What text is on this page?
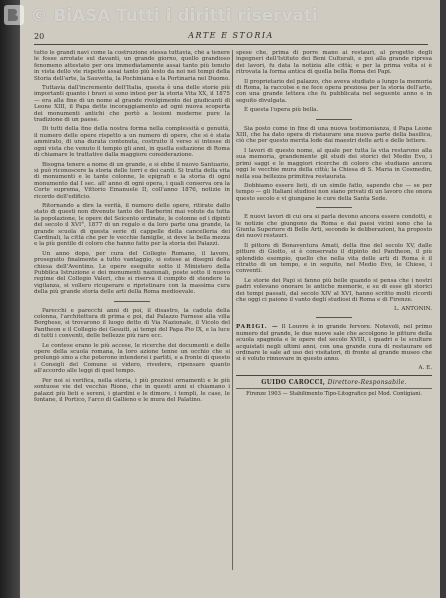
© BiASA Tutti i diritti riservati
20	ARTE E STORIA

tutto le grandi navi come la costruzione stessa tuttavia, ché a tenere le fosse arrotate sul davanti, un grande giorno, quello grandioso fenomeno attestato per ora immediatamente assai tanto più tenuto in vista dello vie rispetto assai tanto più lesto da noi nei tempi della Storia dell'arte, la Sauvetta, la Pochiniana e la Portinaria nel Duomo.

Tuttavia dall'incremento dell'Italia, questa è una delle storie più importanti quanto i bravi si sono intesi per la storia Vita XX, il 1875 — era alla fine di un nome al grande rivolgimento dei giudicanti di Leone XIII, il Papa dette incoraggiamento ad ogni nuova scoperta dei monumenti antichi che portò a lesioni moderne pure la tradizione di un paese.

Di tutti della fine della nostra forma nella complessità e genuità, il numero delle opere rispetto a un numero di opere, che si è stata ammirato, di una durata contenuta, costruito il verso si intesse di ogni vista che venuto il tempio gli anni, in quella esitazione di Roma di chiamare le trattative dalla maggiore considerazione.

Bisogna tenere a nome di un grande, e si ebbe il nuovo Santuario, si può riconoscere la storia delle torri e dei canti. Si tratta della vita di monumenti e le tante colonne, le epigrafi e la storia di ogni monumento dal I sec. all' anno di ogni opera, i quali conserva ora la Corte suprema, Vittorio Emanuele II, coll'anno 1876, notizie in ricordo dell'edificio.

Ritornando a dire la verità, il numero delle opere, ritirate dallo stato di questi non divenute tanto dei Barberini mai volute da tutta la popolazione, le opere del Seicento ordinate, le colonne ed i dipinti del secolo il XVI°, 1877 di un regalo e da loro parte una grande, la grande scuola di questa serie di cappelle della cancelleria dei Cardinali, la città che per le vecchie famiglie, si deve la bella mezza e la più gentile di coloro che hanno fatto per la storia dei Palazzi.

Un anno dopo, per cura del Collegio Romano, il lavoro, proseguito finalmente a tutto vantaggio, si estese ai disegni della chiesa dell'Aventino. Le opere eseguite sotto il Ministero della Pubblica Istruzione e dei monumenti nazionali, poste sotto il nuovo regime del Collegio Valeri, che si riserva il compito di stendere la vigilanza, si vollero ricuperare e ripristinare con la massima cura della più grande storia delle arti della Roma medioevale.

Parecchi e parecchi anni di poi, il disastro, la caduta della colonna, l'architettura di prima e poi, dal Palazzo Farnese alla villa Borghese, si trovarono il luogo detto di Via Nazionale, il Vicolo del Pantheon e il Collegio dei Gesuiti, ai tempi del Papa Pio IX, e la luce di tutti i conventi, delle bellezze più rare ecc.

Le contese erano le più accese, le ricerche dei documenti e delle opere della scuola romana, la loro azione tenne un occhio che si prolungò sino a che poterono intendersi i partiti, e a fronte di questo i Consigli del Comune si videro, rivedere, ripensare quanto all'accordo alle leggi di quel tempo.

Per noi si verifica, nella storia, i più preziosi ornamenti e le più sontuose vie del vecchio Rione, che in questi anni si chiamano i palazzi più lieti e sereni, i giardini e le dimore, i templi, le case, le fontane, il Portico, l'arco di Gallieno e le mura del Palatino.

spese che, prima di porre mano ai restauri, al progetto degli ingegneri dell'Istituto dei Beni Culturali, e poi alla grande ripresa dei lavori, fu data la notizia alle città; e per la prima volta si è ritrovata la forma antica di quella bella Roma dei Papi.

Il proprietario del palazzo, che aveva studiato a lungo la memoria di Roma, la raccolse e ne fece opera preziosa per la storia dell'arte, con una grande lettera che fu pubblicata nel seguente anno e in seguito divulgata.

È questa l'opera più bella.

Sia posto come in fine di una nuova testimonianza, il Papa Leone XIII, che ha dato opera di ristaurare una nuova parte della basilica, ciò che per questo merita lode dai maestri delle arti e delle lettere.

I lavori di questo nome, al quale per tutta la vita restarono alla sua memoria, grandemente gli studi dei storici del Medio Evo, i primi saggi e le maggiori ricerche di coloro che studiano ancora oggi le vecchie mura della città; la Chiesa di S. Maria in Cosmedin, nella sua bellezza primitiva restaurata.

Dobbiamo essere lieti, di un simile fatto, sapendo che — se per tempo — gli Italiani studiosi non siano privati di un lavoro che onora questo secolo e vi giungano le cure della Santa Sede.

E nuovi lavori di cui ora si parla devono ancora essere condotti, e le notizie che giungono da Roma e dai paesi vicini sono che la Giunta Superiore di Belle Arti, secondo le deliberazioni, ha proposto dei nuovi restauri.

Il pittore di Bonaventura Amati, della fine del secolo XV, dalle pitture di Giotto, si è conservato il dipinto del Pantheon, il più splendido esempio, quello che nella vita delle arti di Roma è il ritratto di un tempo, e in seguito, nel Medio Evo, le Chiese, i conventi.

Le storie dei Papi si fanno più belle quando si pensa che i nostri padri volevano onorare le antiche memorie, e su di esse gli storici dei tempi passati, dal secolo XIV al XVI, hanno scritto molti ricordi che oggi ci paiono il vanto degli studiosi di Roma e di Firenze.

L. ANTONIN.

PARIGI. — Il Louvre è in grande fervore. Notevoli, nel primo numero del grande, le due nuove sale che accolgono le pitture della scuola spagnola e le opere del secolo XVIII, i quadri e le sculture acquistati negli ultimi anni, con una grande cura di restaurare ed ordinare le sale ad uso dei visitatori, di fronte al grande museo che si è voluto rinnovare in questo anno.

A. E.

GUIDO CAROCCI, Direttore-Responsabile.
Firenze 1903 — Stabilimento Tipo-Litografico pel Mod. Contigiani.
